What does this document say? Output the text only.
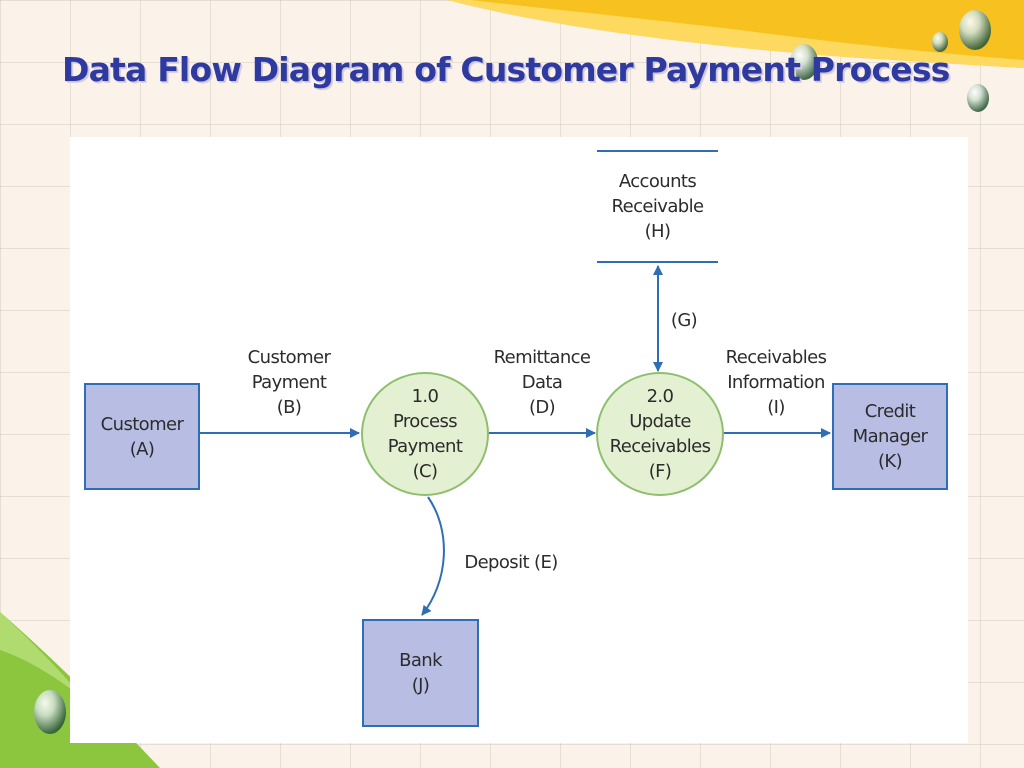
Data Flow Diagram of Customer Payment Process
Customer
(A)
Bank
(J)
Credit
Manager
(K)
1.0
Process
Payment
(C)
2.0
Update
Receivables
(F)
Accounts
Receivable
(H)
Customer
Payment
(B)
Remittance
Data
(D)
Receivables
Information
(I)
(G)
Deposit (E)
